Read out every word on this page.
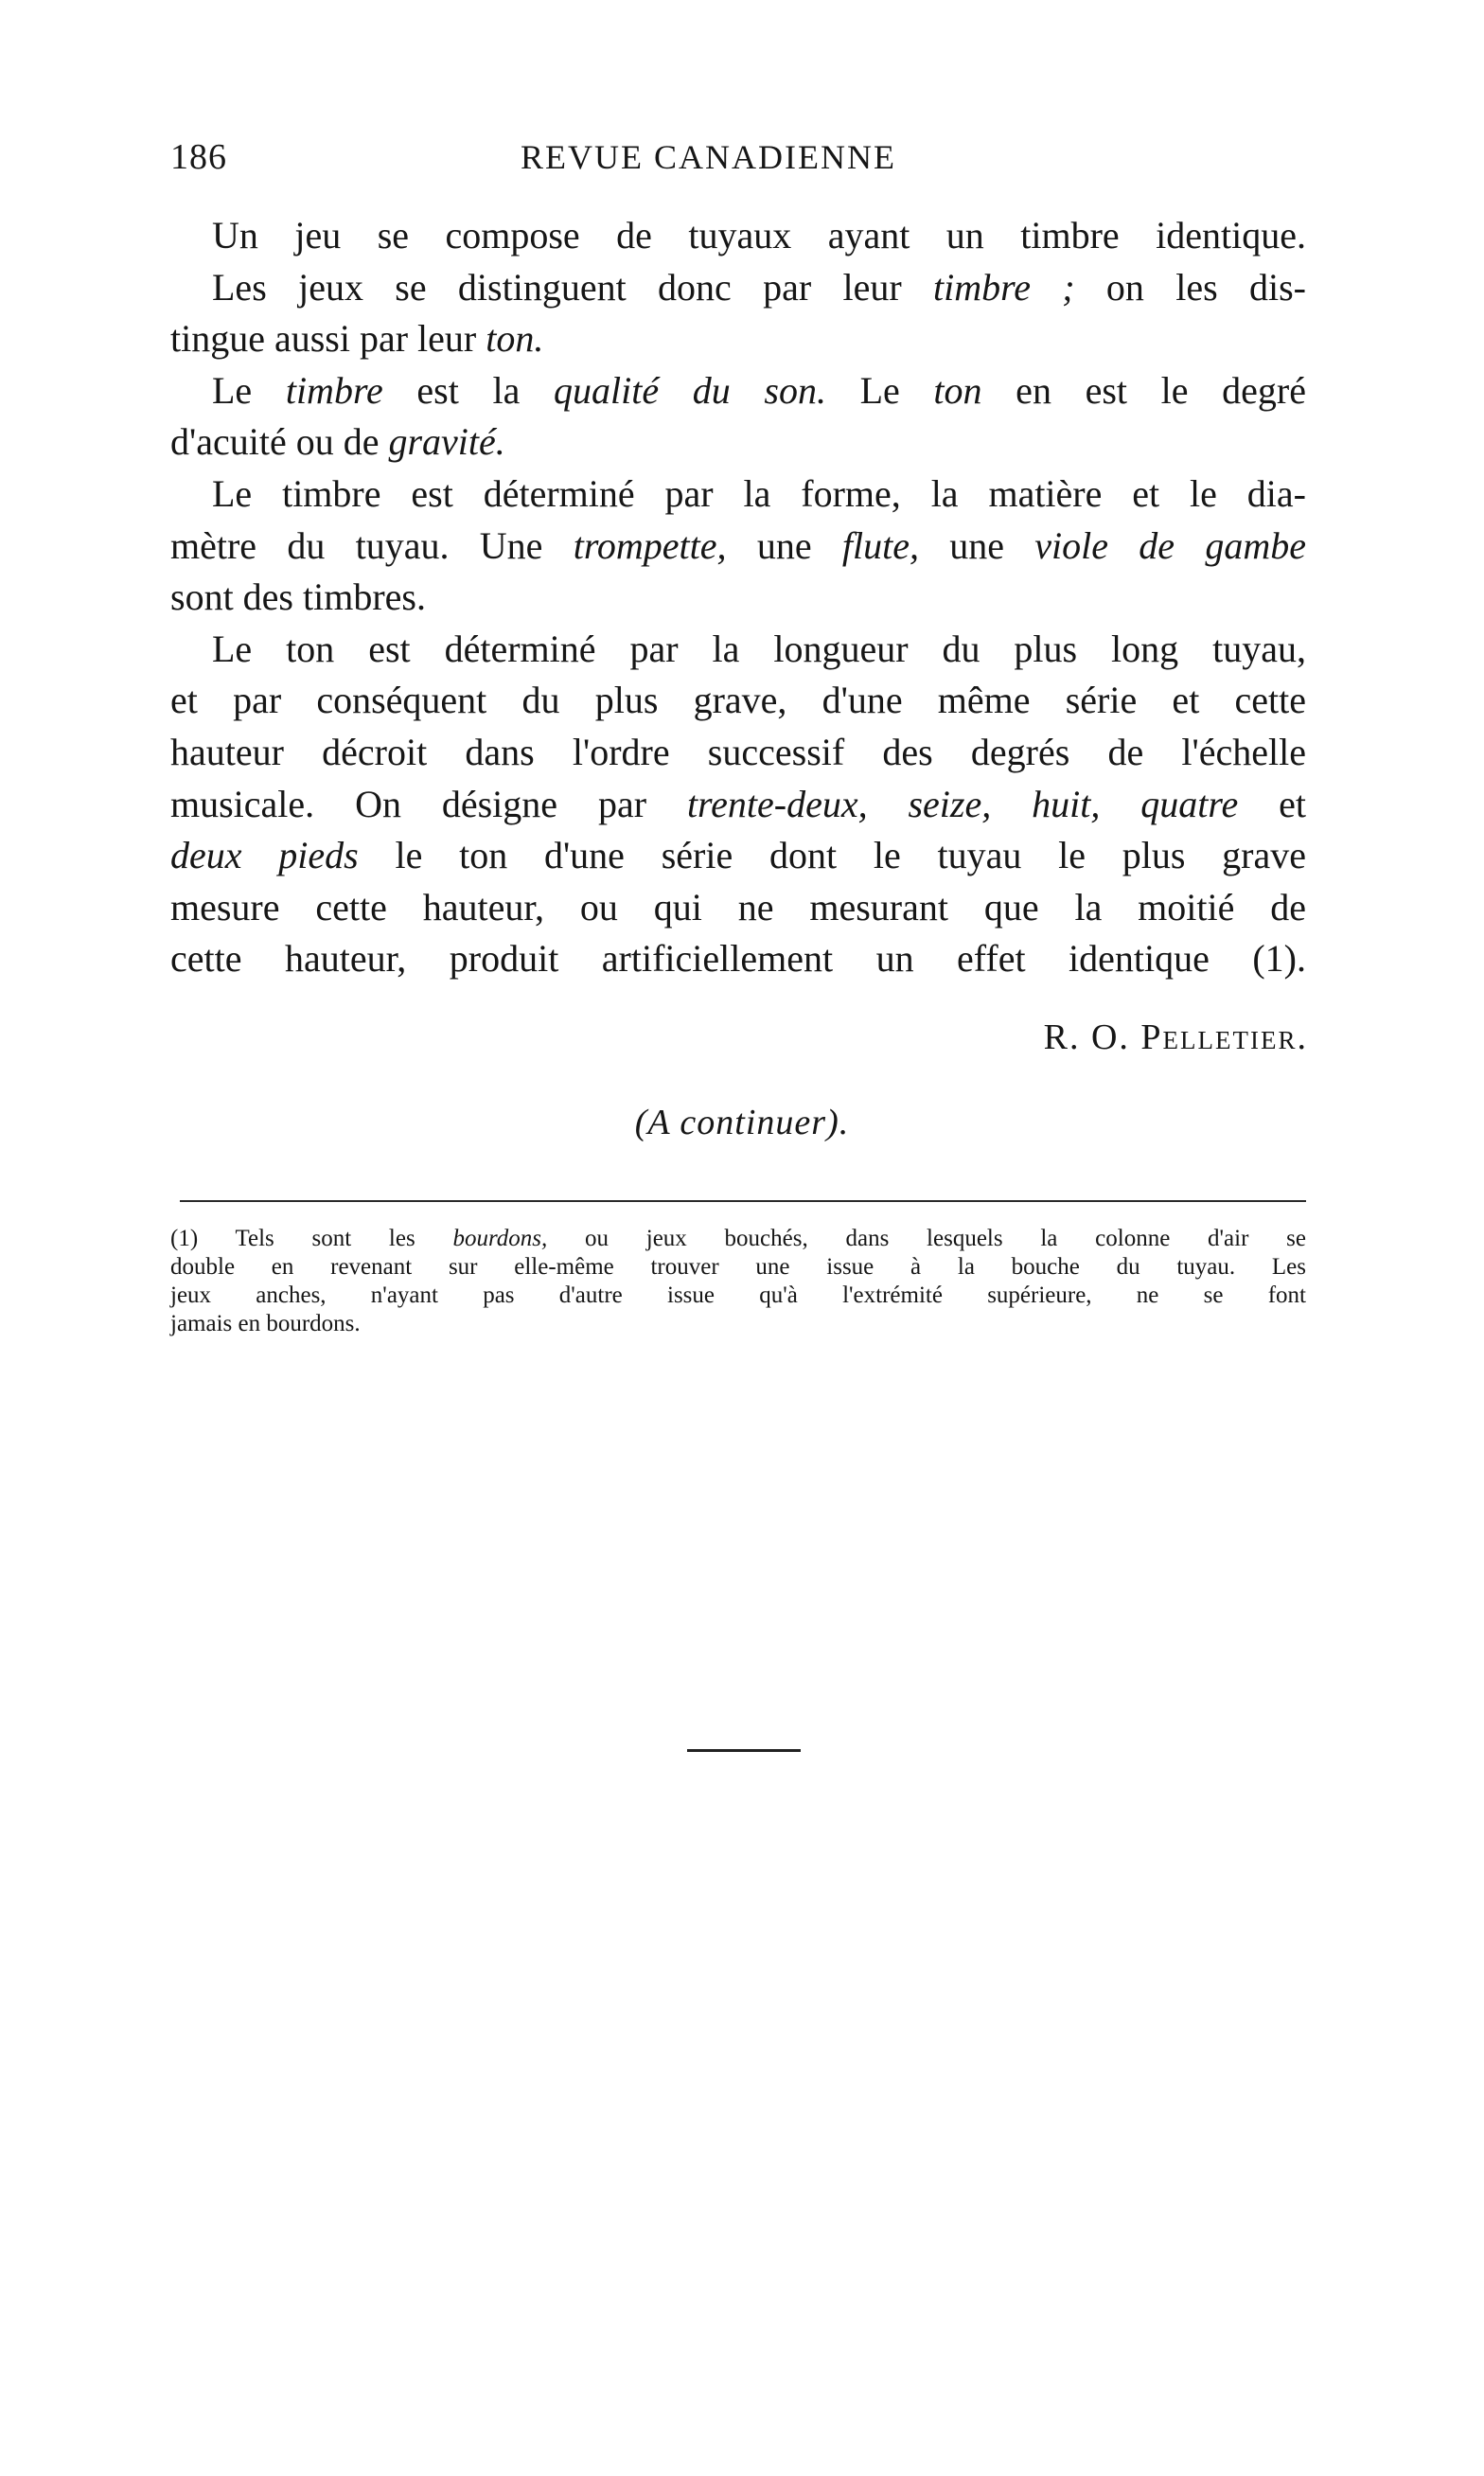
186	REVUE CANADIENNE
Un jeu se compose de tuyaux ayant un timbre identique.
Les jeux se distinguent donc par leur timbre ; on les dis-
tingue aussi par leur ton.
Le timbre est la qualité du son. Le ton en est le degré
d'acuité ou de gravité.
Le timbre est déterminé par la forme, la matière et le dia-
mètre du tuyau. Une trompette, une flute, une viole de gambe
sont des timbres.
Le ton est déterminé par la longueur du plus long tuyau,
et par conséquent du plus grave, d'une même série et cette
hauteur décroit dans l'ordre successif des degrés de l'échelle
musicale. On désigne par trente-deux, seize, huit, quatre et
deux pieds le ton d'une série dont le tuyau le plus grave
mesure cette hauteur, ou qui ne mesurant que la moitié de
cette hauteur, produit artificiellement un effet identique (1).
R. O. Pelletier.
(A continuer).
(1) Tels sont les bourdons, ou jeux bouchés, dans lesquels la colonne d'air se
double en revenant sur elle-même trouver une issue à la bouche du tuyau. Les
jeux anches, n'ayant pas d'autre issue qu'à l'extrémité supérieure, ne se font
jamais en bourdons.
